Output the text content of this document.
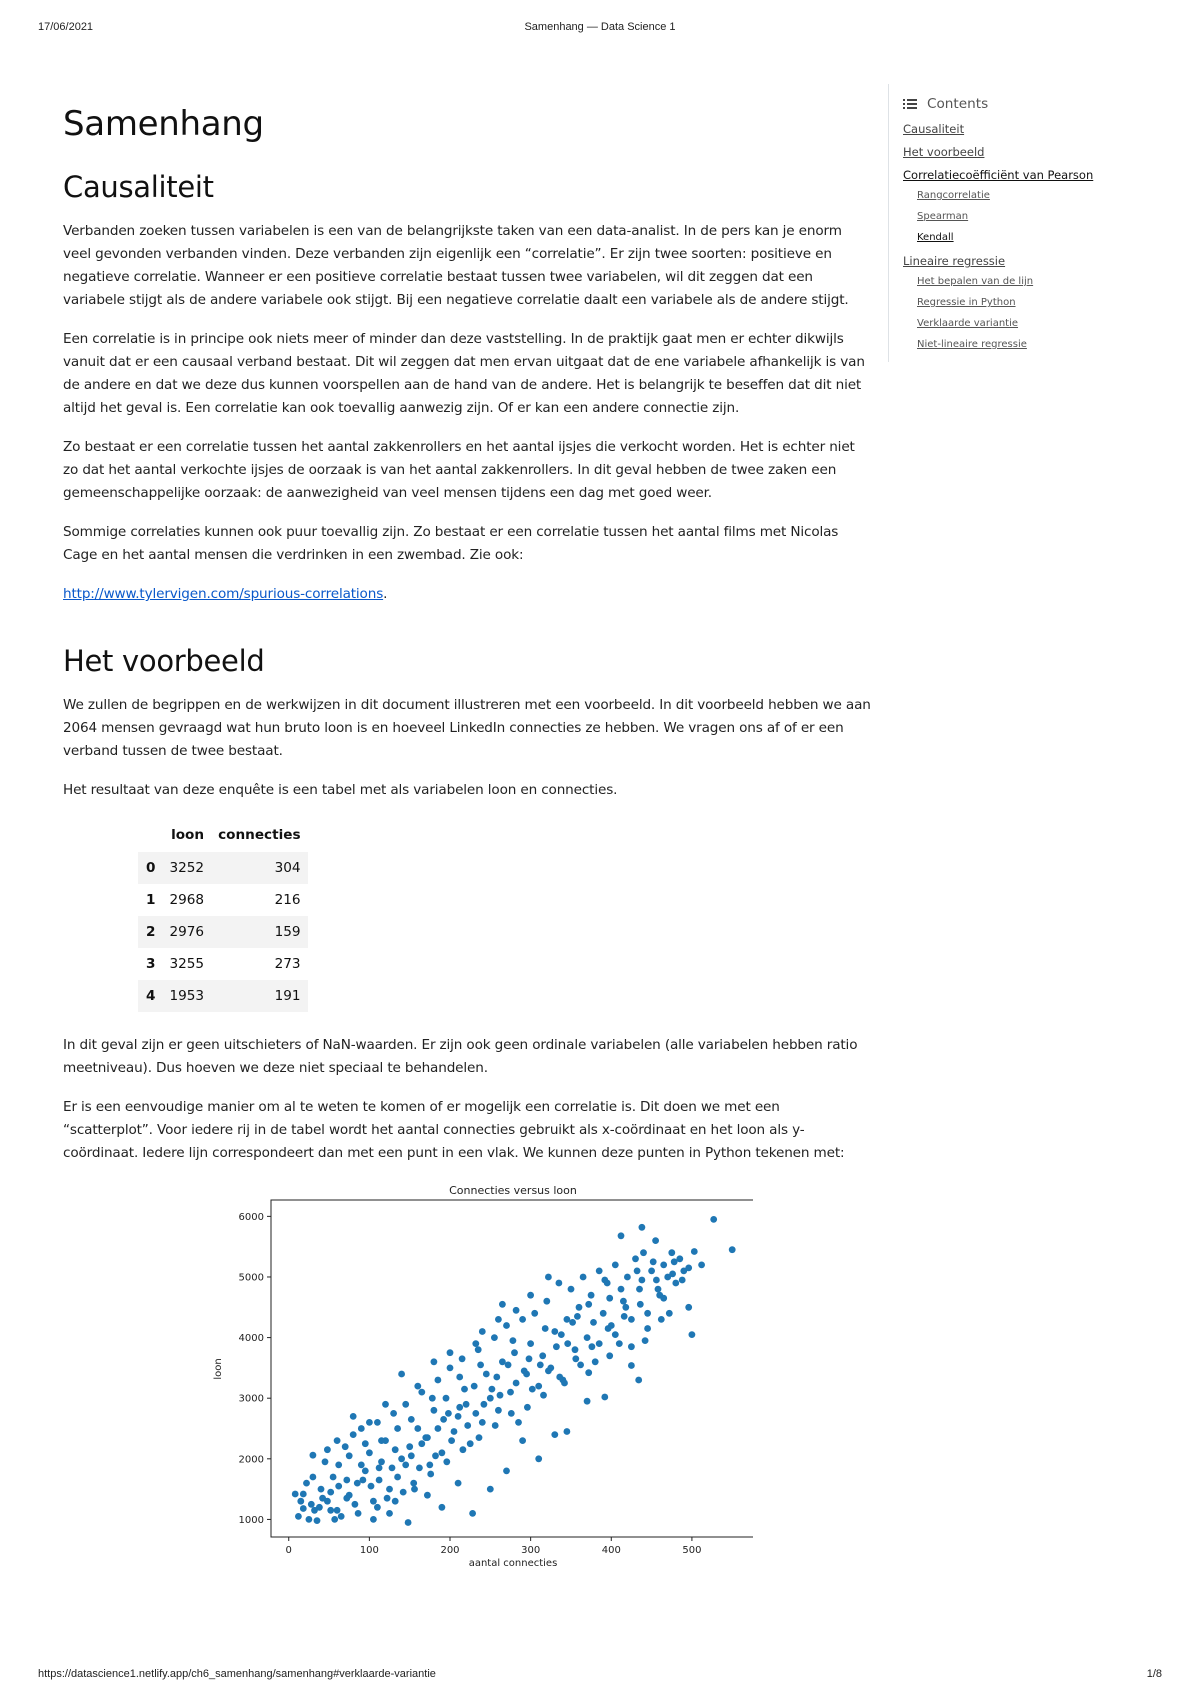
17/06/2021	Samenhang — Data Science 1
Samenhang
Causaliteit

Verbanden zoeken tussen variabelen is een van de belangrijkste taken van een data-analist. In de pers kan je enorm veel gevonden verbanden vinden. Deze verbanden zijn eigenlijk een “correlatie”. Er zijn twee soorten: positieve en negatieve correlatie. Wanneer er een positieve correlatie bestaat tussen twee variabelen, wil dit zeggen dat een variabele stijgt als de andere variabele ook stijgt. Bij een negatieve correlatie daalt een variabele als de andere stijgt.

Een correlatie is in principe ook niets meer of minder dan deze vaststelling. In de praktijk gaat men er echter dikwijls vanuit dat er een causaal verband bestaat. Dit wil zeggen dat men ervan uitgaat dat de ene variabele afhankelijk is van de andere en dat we deze dus kunnen voorspellen aan de hand van de andere. Het is belangrijk te beseffen dat dit niet altijd het geval is. Een correlatie kan ook toevallig aanwezig zijn. Of er kan een andere connectie zijn.

Zo bestaat er een correlatie tussen het aantal zakkenrollers en het aantal ijsjes die verkocht worden. Het is echter niet zo dat het aantal verkochte ijsjes de oorzaak is van het aantal zakkenrollers. In dit geval hebben de twee zaken een gemeenschappelijke oorzaak: de aanwezigheid van veel mensen tijdens een dag met goed weer.

Sommige correlaties kunnen ook puur toevallig zijn. Zo bestaat er een correlatie tussen het aantal films met Nicolas Cage en het aantal mensen die verdrinken in een zwembad. Zie ook:

http://www.tylervigen.com/spurious-correlations.

Het voorbeeld

We zullen de begrippen en de werkwijzen in dit document illustreren met een voorbeeld. In dit voorbeeld hebben we aan 2064 mensen gevraagd wat hun bruto loon is en hoeveel LinkedIn connecties ze hebben. We vragen ons af of er een verband tussen de twee bestaat.

Het resultaat van deze enquête is een tabel met als variabelen loon en connecties.

	loon	connecties
0	3252	304
1	2968	216
2	2976	159
3	3255	273
4	1953	191

In dit geval zijn er geen uitschieters of NaN-waarden. Er zijn ook geen ordinale variabelen (alle variabelen hebben ratio meetniveau). Dus hoeven we deze niet speciaal te behandelen.

Er is een eenvoudige manier om al te weten te komen of er mogelijk een correlatie is. Dit doen we met een “scatterplot”. Voor iedere rij in de tabel wordt het aantal connecties gebruikt als x-coördinaat en het loon als y-coördinaat. Iedere lijn correspondeert dan met een punt in een vlak. We kunnen deze punten in Python tekenen met:

Connecties versus loon
0	100	200	300	400	500
1000
2000
3000
4000
5000
6000
aantal connecties
loon
Contents
Causaliteit
Het voorbeeld
Correlatiecoëfficiënt van Pearson
Rangcorrelatie
Spearman
Kendall
Lineaire regressie
Het bepalen van de lijn
Regressie in Python
Verklaarde variantie
Niet-lineaire regressie
https://datascience1.netlify.app/ch6_samenhang/samenhang#verklaarde-variantie	1/8
